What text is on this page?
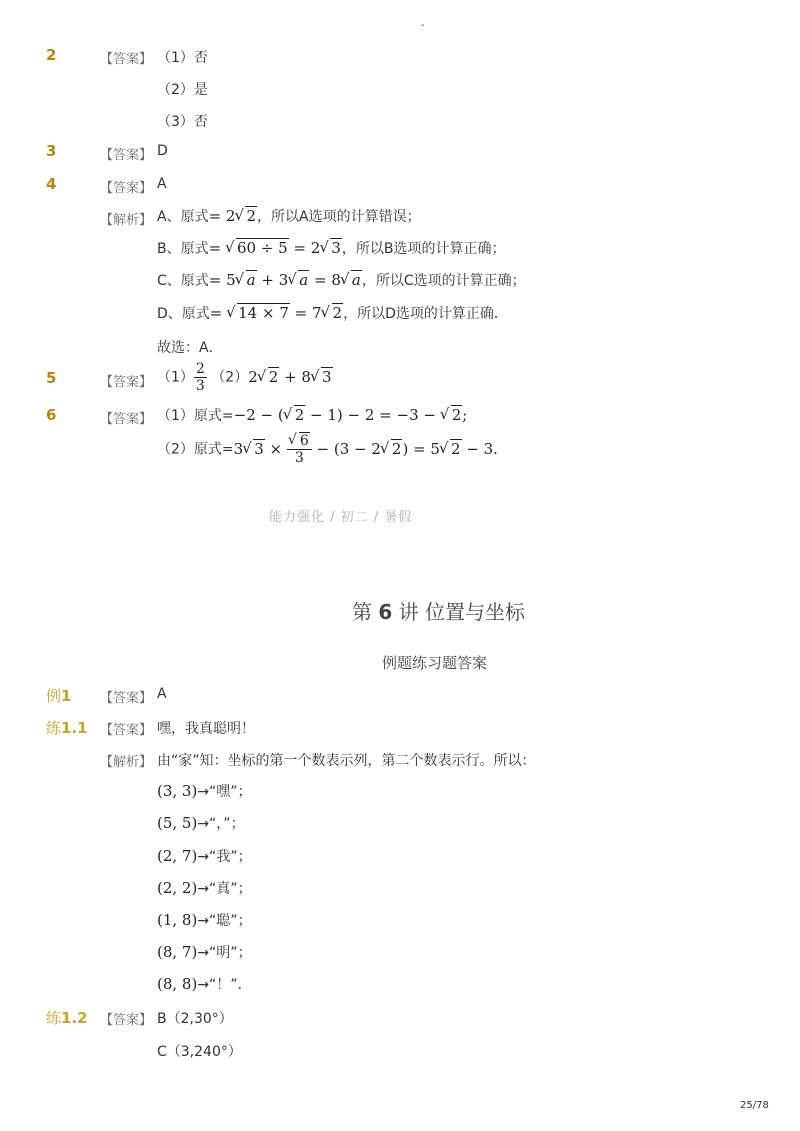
-
2	【答案】 （1）否
（2）是
（3）否
3	【答案】 D
4	【答案】 A
【解析】 A、原式= 2√ 2，所以A选项的计算错误；
B、原式= √ 60 ÷ 5 = 2√ 3，所以B选项的计算正确；
C、原式= 5√ a + 3√ a = 8√ a，所以C选项的计算正确；
D、原式= √ 14 × 7 = 7√ 2，所以D选项的计算正确．
故选：A．
5	【答案】 $(1) \frac{2}{3} (2)2√$ 2 + 8√ 3
6	【答案】 （1）原式=−2 − (√ 2 − 1) − 2 = −3 − √ 2;
（2）原式=3√ 3 ×
√ $\frac{6}{3} - (3 - 2√$ 2) = 5√ 2 − 3.
能力强化 / 初二 / 暑假
第 6 讲 位置与坐标
例题练习题答案
例1 【答案】 A
练1.1 【答案】 嘿，我真聪明！
【解析】 由“家”知：坐标的第一个数表示列，第二个数表示行。所以：
(3, 3)→“嘿”；
(5, 5)→“，”；
(2, 7)→“我”；
(2, 2)→“真”；
(1, 8)→“聪”；
(8, 7)→“明”；
(8, 8)→“！”．
练1.2 【答案】 B（2,30°）
C（3,240°）
25/78
